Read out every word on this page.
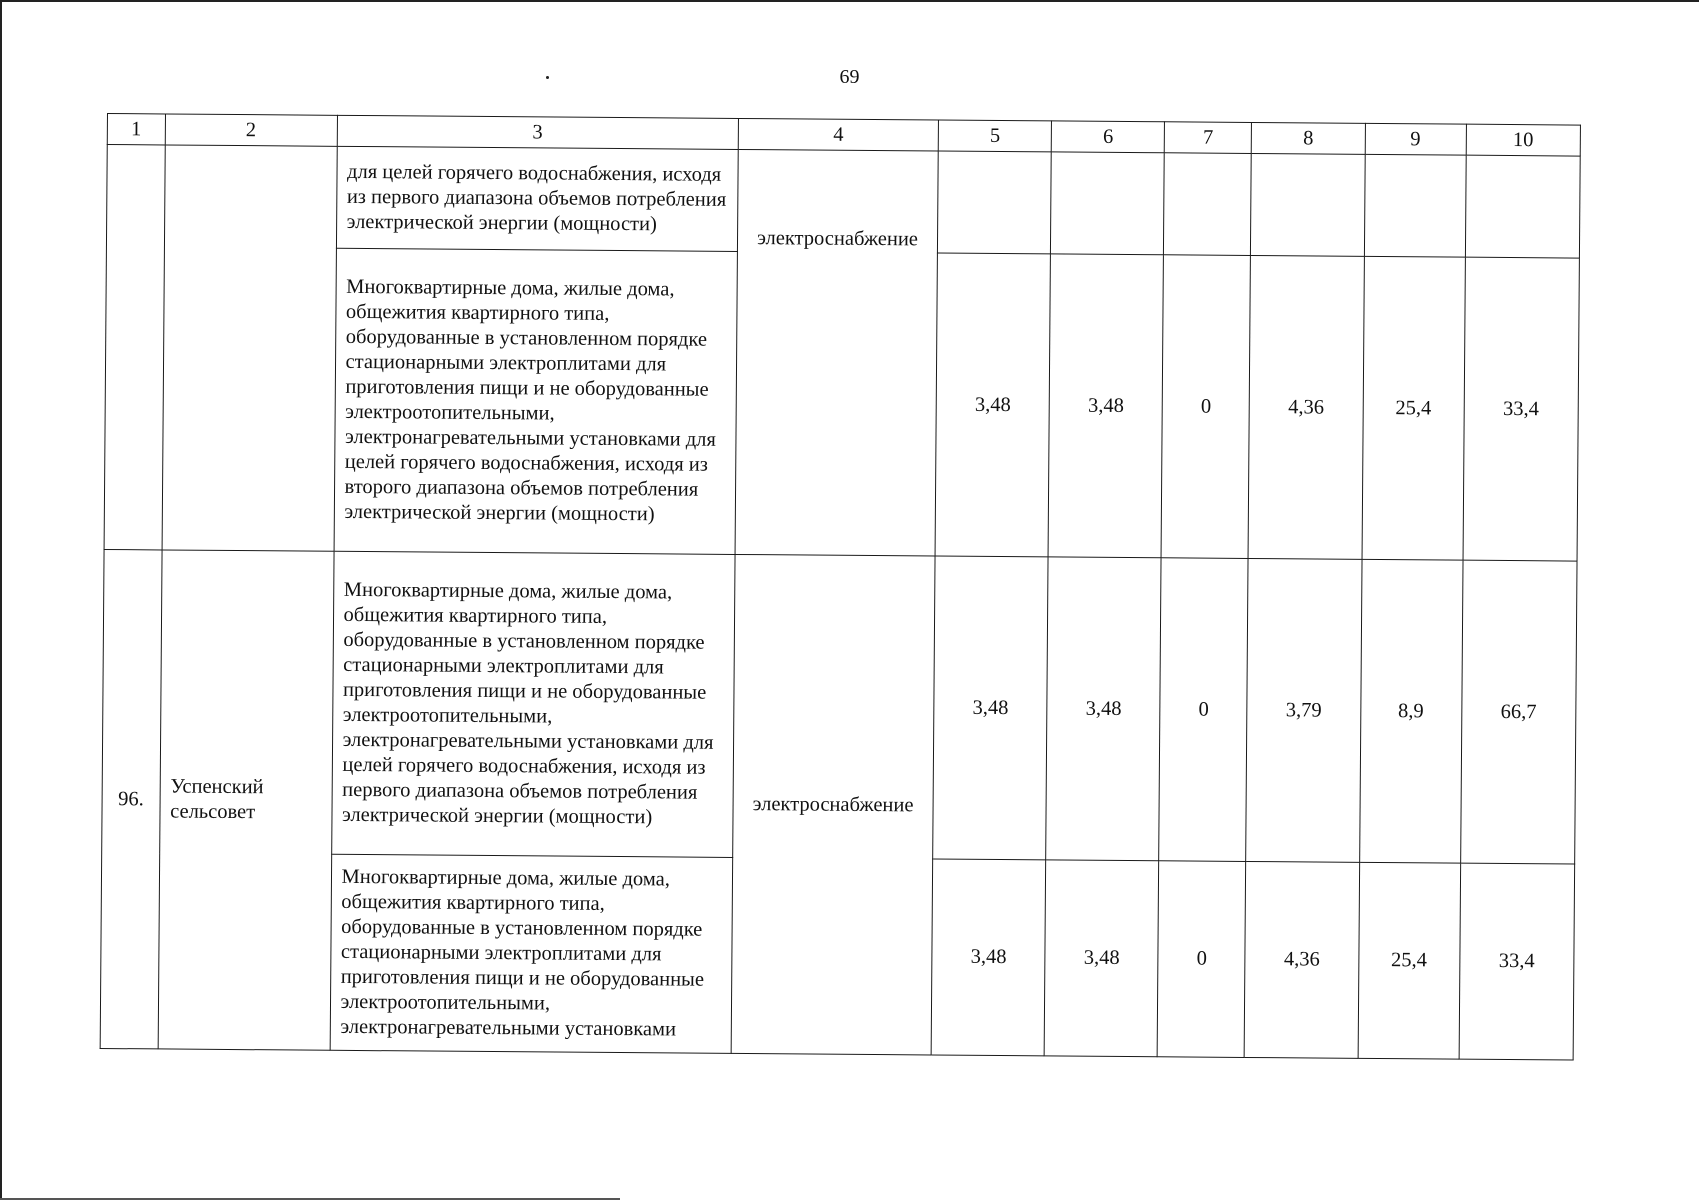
69
1	2	3	4	5	6	7	8	9	10
		для целей горячего водоснабжения, исходя из первого диапазона объемов потребления электрической энергии (мощности)	электроснабжение						
		Многоквартирные дома, жилые дома, общежития квартирного типа, оборудованные в установленном порядке стационарными электроплитами для приготовления пищи и не оборудованные электроотопительными, электронагревательными установками для целей горячего водоснабжения, исходя из второго диапазона объемов потребления электрической энергии (мощности)		3,48	3,48	0	4,36	25,4	33,4
96.	Успенский сельсовет	Многоквартирные дома, жилые дома, общежития квартирного типа, оборудованные в установленном порядке стационарными электроплитами для приготовления пищи и не оборудованные электроотопительными, электронагревательными установками для целей горячего водоснабжения, исходя из первого диапазона объемов потребления электрической энергии (мощности)	электроснабжение	3,48	3,48	0	3,79	8,9	66,7
		Многоквартирные дома, жилые дома, общежития квартирного типа, оборудованные в установленном порядке стационарными электроплитами для приготовления пищи и не оборудованные электроотопительными, электронагревательными установками		3,48	3,48	0	4,36	25,4	33,4
